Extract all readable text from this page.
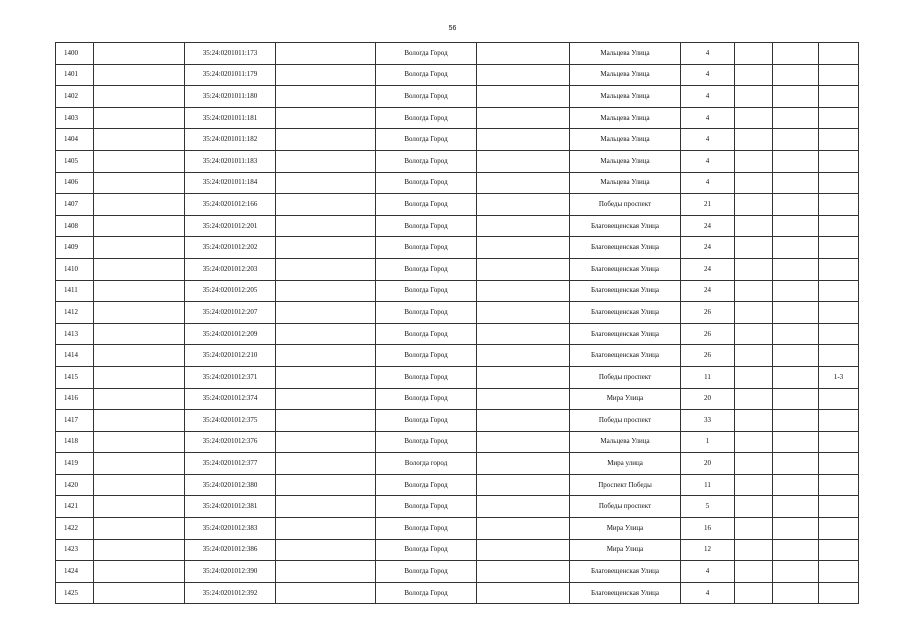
56
1400		35:24:0201011:173		Вологда Город		Мальцева Улица	4			
1401		35:24:0201011:179		Вологда Город		Мальцева Улица	4			
1402		35:24:0201011:180		Вологда Город		Мальцева Улица	4			
1403		35:24:0201011:181		Вологда Город		Мальцева Улица	4			
1404		35:24:0201011:182		Вологда Город		Мальцева Улица	4			
1405		35:24:0201011:183		Вологда Город		Мальцева Улица	4			
1406		35:24:0201011:184		Вологда Город		Мальцева Улица	4			
1407		35:24:0201012:166		Вологда Город		Победы проспект	21			
1408		35:24:0201012:201		Вологда Город		Благовещенская Улица	24			
1409		35:24:0201012:202		Вологда Город		Благовещенская Улица	24			
1410		35:24:0201012:203		Вологда Город		Благовещенская Улица	24			
1411		35:24:0201012:205		Вологда Город		Благовещенская Улица	24			
1412		35:24:0201012:207		Вологда Город		Благовещенская Улица	26			
1413		35:24:0201012:209		Вологда Город		Благовещенская Улица	26			
1414		35:24:0201012:210		Вологда Город		Благовещенская Улица	26			
1415		35:24:0201012:371		Вологда Город		Победы проспект	11			1-3
1416		35:24:0201012:374		Вологда Город		Мира Улица	20			
1417		35:24:0201012:375		Вологда Город		Победы проспект	33			
1418		35:24:0201012:376		Вологда Город		Мальцева Улица	1			
1419		35:24:0201012:377		Вологда город		Мира улица	20			
1420		35:24:0201012:380		Вологда Город		Проспект Победы	11			
1421		35:24:0201012:381		Вологда Город		Победы проспект	5			
1422		35:24:0201012:383		Вологда Город		Мира Улица	16			
1423		35:24:0201012:386		Вологда Город		Мира Улица	12			
1424		35:24:0201012:390		Вологда Город		Благовещенская Улица	4			
1425		35:24:0201012:392		Вологда Город		Благовещенская Улица	4			
